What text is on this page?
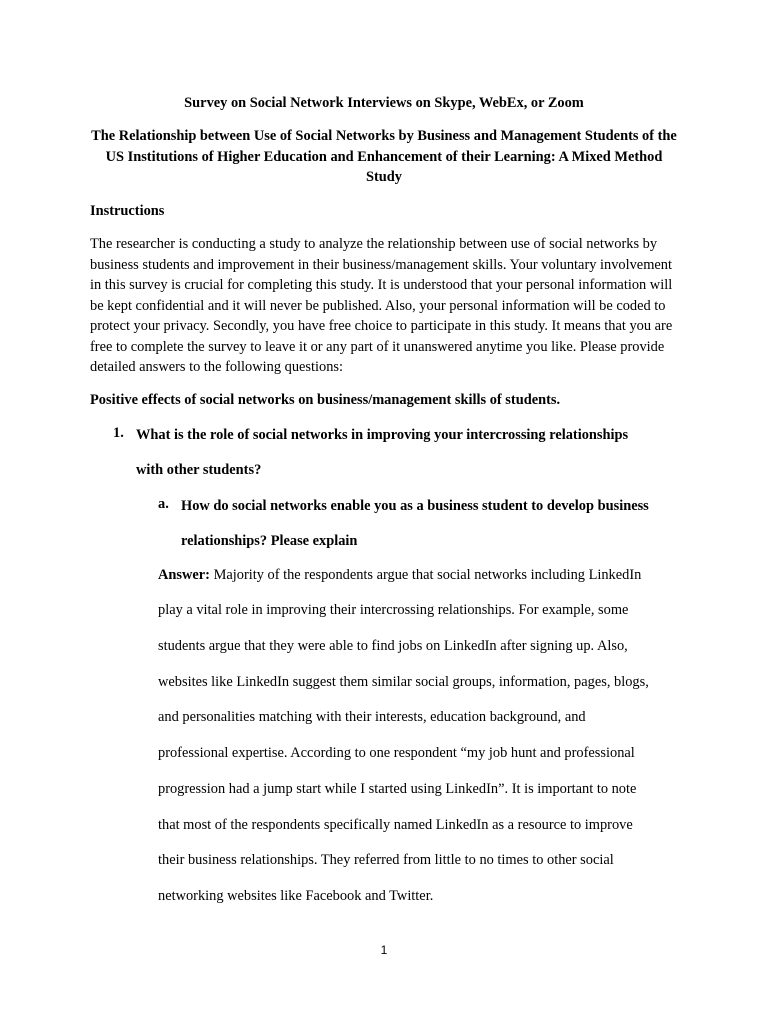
Survey on Social Network Interviews on Skype, WebEx, or Zoom
The Relationship between Use of Social Networks by Business and Management Students of the US Institutions of Higher Education and Enhancement of their Learning: A Mixed Method Study
Instructions
The researcher is conducting a study to analyze the relationship between use of social networks by business students and improvement in their business/management skills. Your voluntary involvement in this survey is crucial for completing this study. It is understood that your personal information will be kept confidential and it will never be published. Also, your personal information will be coded to protect your privacy. Secondly, you have free choice to participate in this study. It means that you are free to complete the survey to leave it or any part of it unanswered anytime you like. Please provide detailed answers to the following questions:
Positive effects of social networks on business/management skills of students.
1. What is the role of social networks in improving your intercrossing relationships
with other students?
a. How do social networks enable you as a business student to develop business
relationships? Please explain
Answer: Majority of the respondents argue that social networks including LinkedIn
play a vital role in improving their intercrossing relationships. For example, some
students argue that they were able to find jobs on LinkedIn after signing up. Also,
websites like LinkedIn suggest them similar social groups, information, pages, blogs,
and personalities matching with their interests, education background, and
professional expertise. According to one respondent “my job hunt and professional
progression had a jump start while I started using LinkedIn”. It is important to note
that most of the respondents specifically named LinkedIn as a resource to improve
their business relationships. They referred from little to no times to other social
networking websites like Facebook and Twitter.
1
